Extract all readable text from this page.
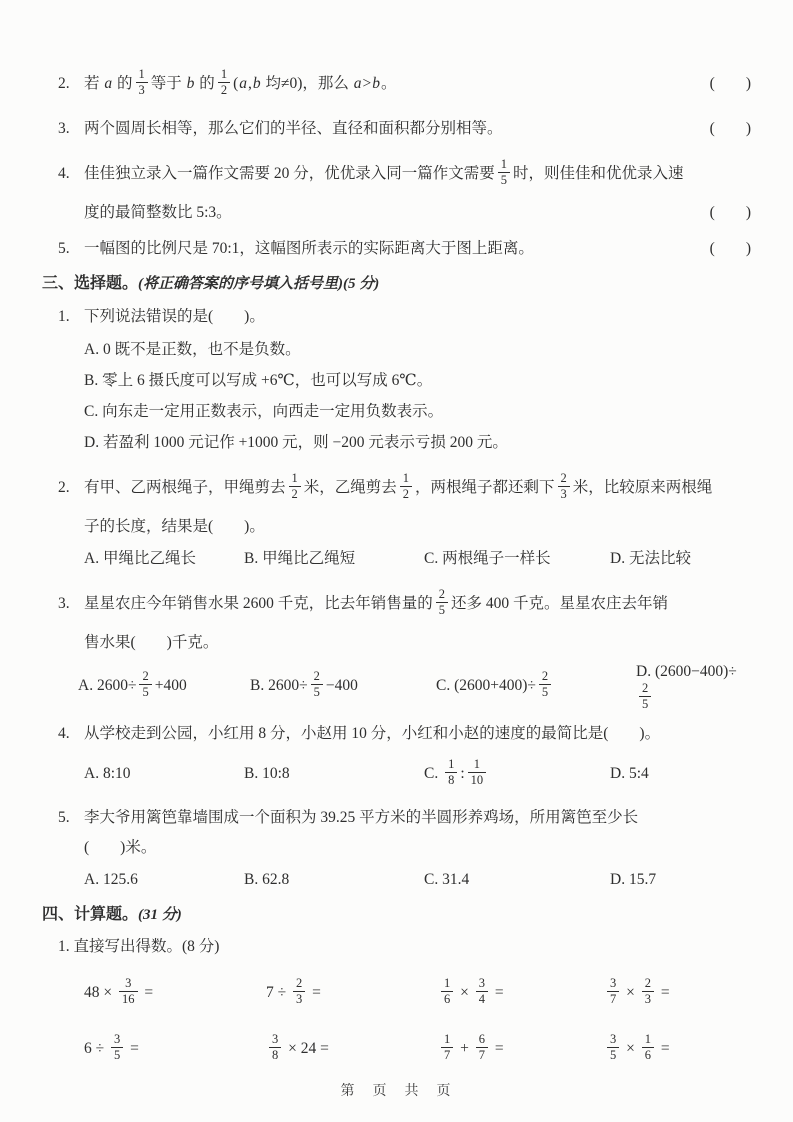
2. 若 a 的 $\frac{1}{3}$ 等于 b 的 $\frac{1}{2} (a,b$ 均≠0)，那么 a>b。	(　　)
3. 两个圆周长相等，那么它们的半径、直径和面积都分别相等。	(　　)
4. 佳佳独立录入一篇作文需要 20 分，优优录入同一篇作文需要 $\frac{1}{5}$ 时，则佳佳和优优录入速
度的最简整数比 5:3。	(　　)
5. 一幅图的比例尺是 70:1，这幅图所表示的实际距离大于图上距离。	(　　)
三、选择题。(将正确答案的序号填入括号里)(5 分)
1. 下列说法错误的是(　　)。
A. 0 既不是正数，也不是负数。
B. 零上 6 摄氏度可以写成 +6℃，也可以写成 6℃。
C. 向东走一定用正数表示，向西走一定用负数表示。
D. 若盈利 1000 元记作 +1000 元，则 −200 元表示亏损 200 元。
2. 有甲、乙两根绳子，甲绳剪去 $\frac{1}{2}$ 米，乙绳剪去 $\frac{1}{2}$ ，两根绳子都还剩下 $\frac{2}{3}$ 米，比较原来两根绳
子的长度，结果是(　　)。
A. 甲绳比乙绳长	B. 甲绳比乙绳短	C. 两根绳子一样长	D. 无法比较
3. 星星农庄今年销售水果 2600 千克，比去年销售量的 $\frac{2}{5}$ 还多 400 千克。星星农庄去年销
售水果(　　)千克。
A. $2600\div \frac{2}{5} +400$	B. $2600\div \frac{2}{5} -400$	C. $(2600+400)\div \frac{2}{5}$	D. (2600−400)÷
$\frac{2}{5}$
4. 从学校走到公园，小红用 8 分，小赵用 10 分，小红和小赵的速度的最简比是(　　)。
A. 8:10	B. 10:8	C. $\frac{1}{8}$ : $\frac{1}{10}$	D. 5:4
5. 李大爷用篱笆靠墙围成一个面积为 39.25 平方米的半圆形养鸡场，所用篱笆至少长
(　　)米。
A. 125.6	B. 62.8	C. 31.4	D. 15.7
四、计算题。(31 分)
1. 直接写出得数。(8 分)
$48 \times \frac{3}{16}$ =	$7 \div \frac{2}{3}$ =	$\frac{1}{6} \times \frac{3}{4}$ =	$\frac{3}{7} \times \frac{2}{3}$ =
$6 \div \frac{3}{5}$ =	$\frac{3}{8} \times 24$ =	$\frac{1}{7} + \frac{6}{7}$ =	$\frac{3}{5} \times \frac{1}{6}$ =
第　页　共　页
